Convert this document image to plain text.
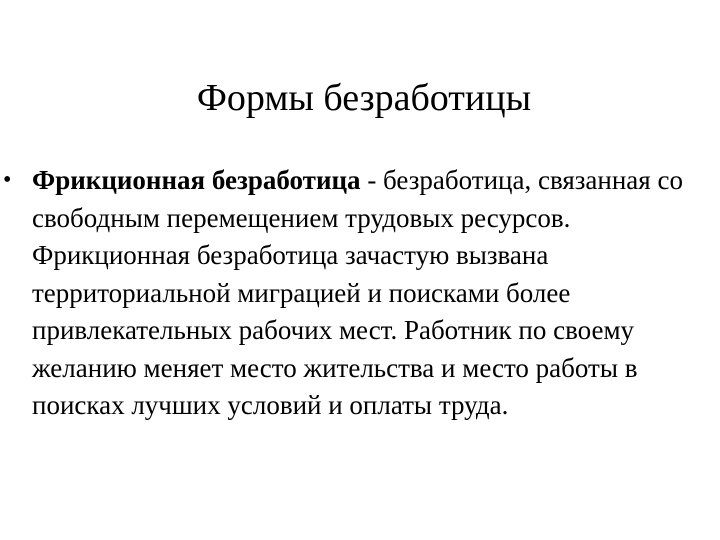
Формы безработицы
• Фрикционная безработица - безработица, связанная со свободным перемещением трудовых ресурсов. Фрикционная безработица зачастую вызвана территориальной миграцией и поисками более привлекательных рабочих мест. Работник по своему желанию меняет место жительства и место работы в поисках лучших условий и оплаты труда.
